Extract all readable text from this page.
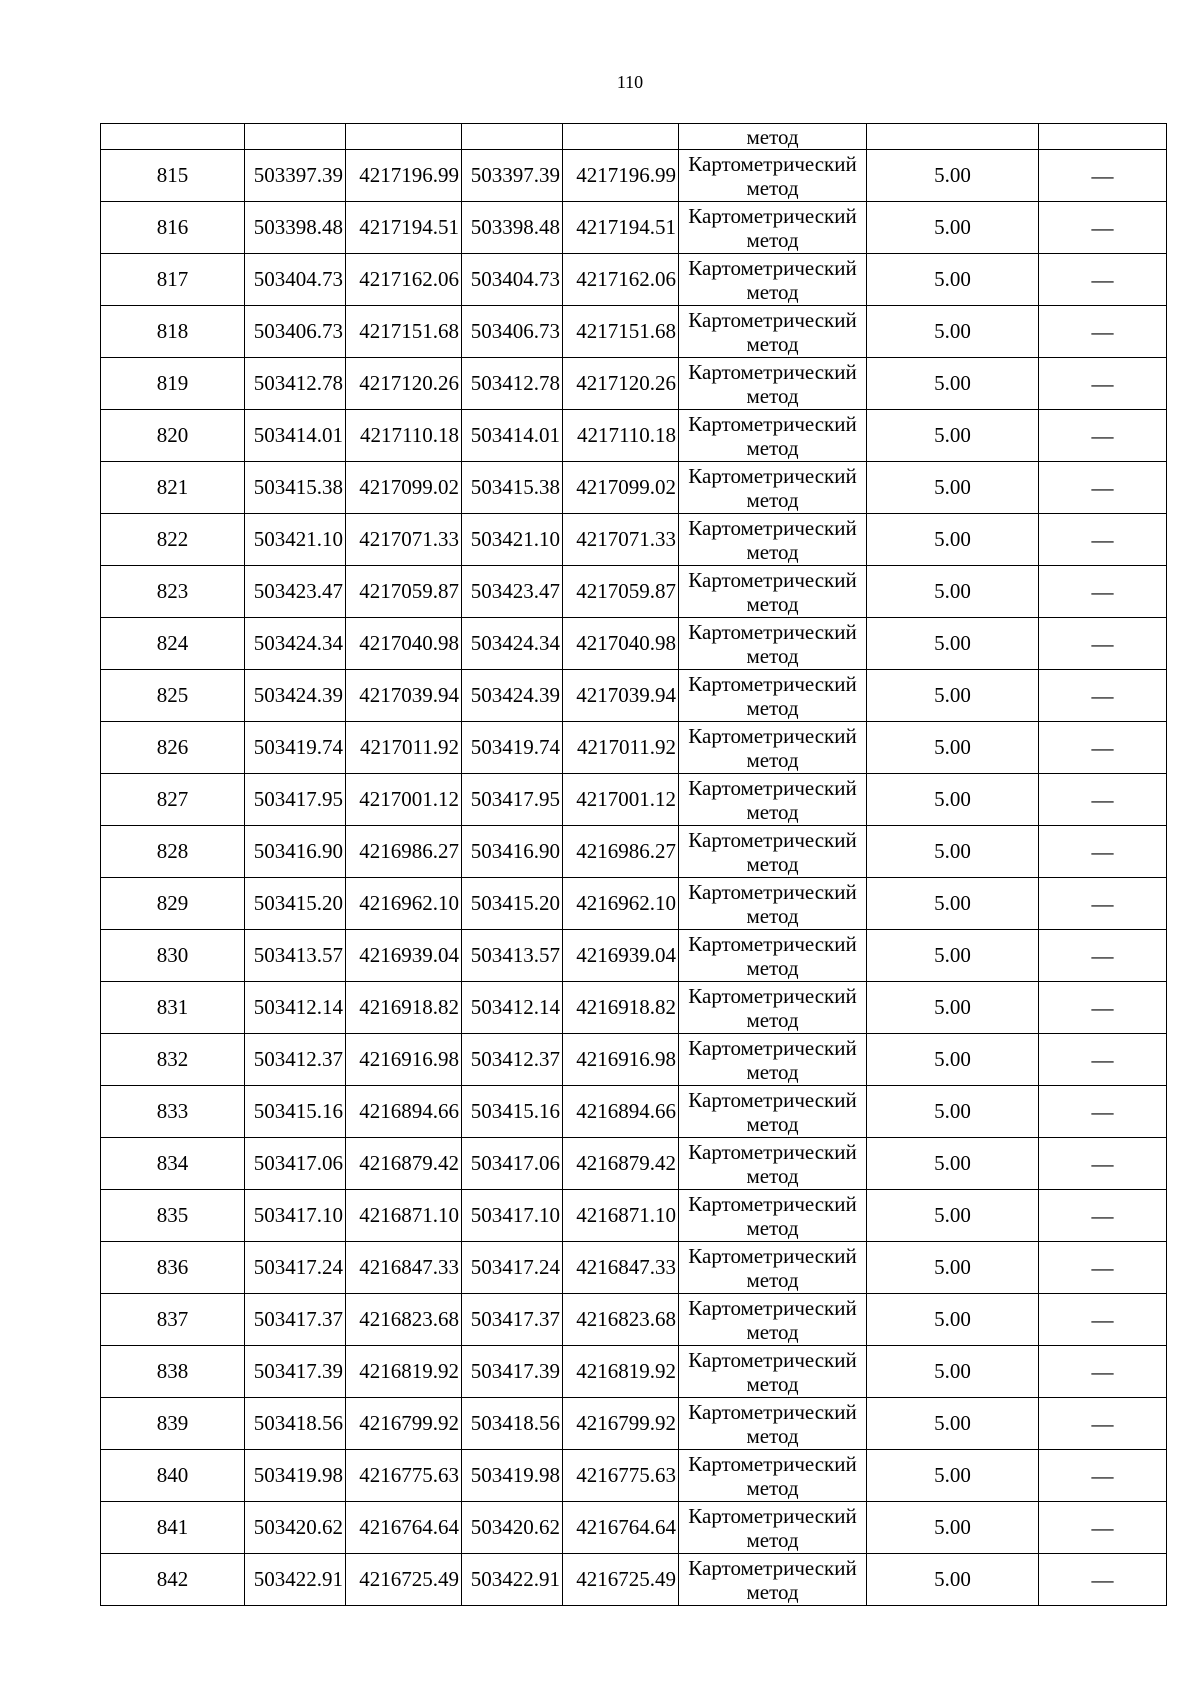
110
					метод		
815	503397.39	4217196.99	503397.39	4217196.99	Картометрический
метод	5.00	—
816	503398.48	4217194.51	503398.48	4217194.51	Картометрический
метод	5.00	—
817	503404.73	4217162.06	503404.73	4217162.06	Картометрический
метод	5.00	—
818	503406.73	4217151.68	503406.73	4217151.68	Картометрический
метод	5.00	—
819	503412.78	4217120.26	503412.78	4217120.26	Картометрический
метод	5.00	—
820	503414.01	4217110.18	503414.01	4217110.18	Картометрический
метод	5.00	—
821	503415.38	4217099.02	503415.38	4217099.02	Картометрический
метод	5.00	—
822	503421.10	4217071.33	503421.10	4217071.33	Картометрический
метод	5.00	—
823	503423.47	4217059.87	503423.47	4217059.87	Картометрический
метод	5.00	—
824	503424.34	4217040.98	503424.34	4217040.98	Картометрический
метод	5.00	—
825	503424.39	4217039.94	503424.39	4217039.94	Картометрический
метод	5.00	—
826	503419.74	4217011.92	503419.74	4217011.92	Картометрический
метод	5.00	—
827	503417.95	4217001.12	503417.95	4217001.12	Картометрический
метод	5.00	—
828	503416.90	4216986.27	503416.90	4216986.27	Картометрический
метод	5.00	—
829	503415.20	4216962.10	503415.20	4216962.10	Картометрический
метод	5.00	—
830	503413.57	4216939.04	503413.57	4216939.04	Картометрический
метод	5.00	—
831	503412.14	4216918.82	503412.14	4216918.82	Картометрический
метод	5.00	—
832	503412.37	4216916.98	503412.37	4216916.98	Картометрический
метод	5.00	—
833	503415.16	4216894.66	503415.16	4216894.66	Картометрический
метод	5.00	—
834	503417.06	4216879.42	503417.06	4216879.42	Картометрический
метод	5.00	—
835	503417.10	4216871.10	503417.10	4216871.10	Картометрический
метод	5.00	—
836	503417.24	4216847.33	503417.24	4216847.33	Картометрический
метод	5.00	—
837	503417.37	4216823.68	503417.37	4216823.68	Картометрический
метод	5.00	—
838	503417.39	4216819.92	503417.39	4216819.92	Картометрический
метод	5.00	—
839	503418.56	4216799.92	503418.56	4216799.92	Картометрический
метод	5.00	—
840	503419.98	4216775.63	503419.98	4216775.63	Картометрический
метод	5.00	—
841	503420.62	4216764.64	503420.62	4216764.64	Картометрический
метод	5.00	—
842	503422.91	4216725.49	503422.91	4216725.49	Картометрический
метод	5.00	—
